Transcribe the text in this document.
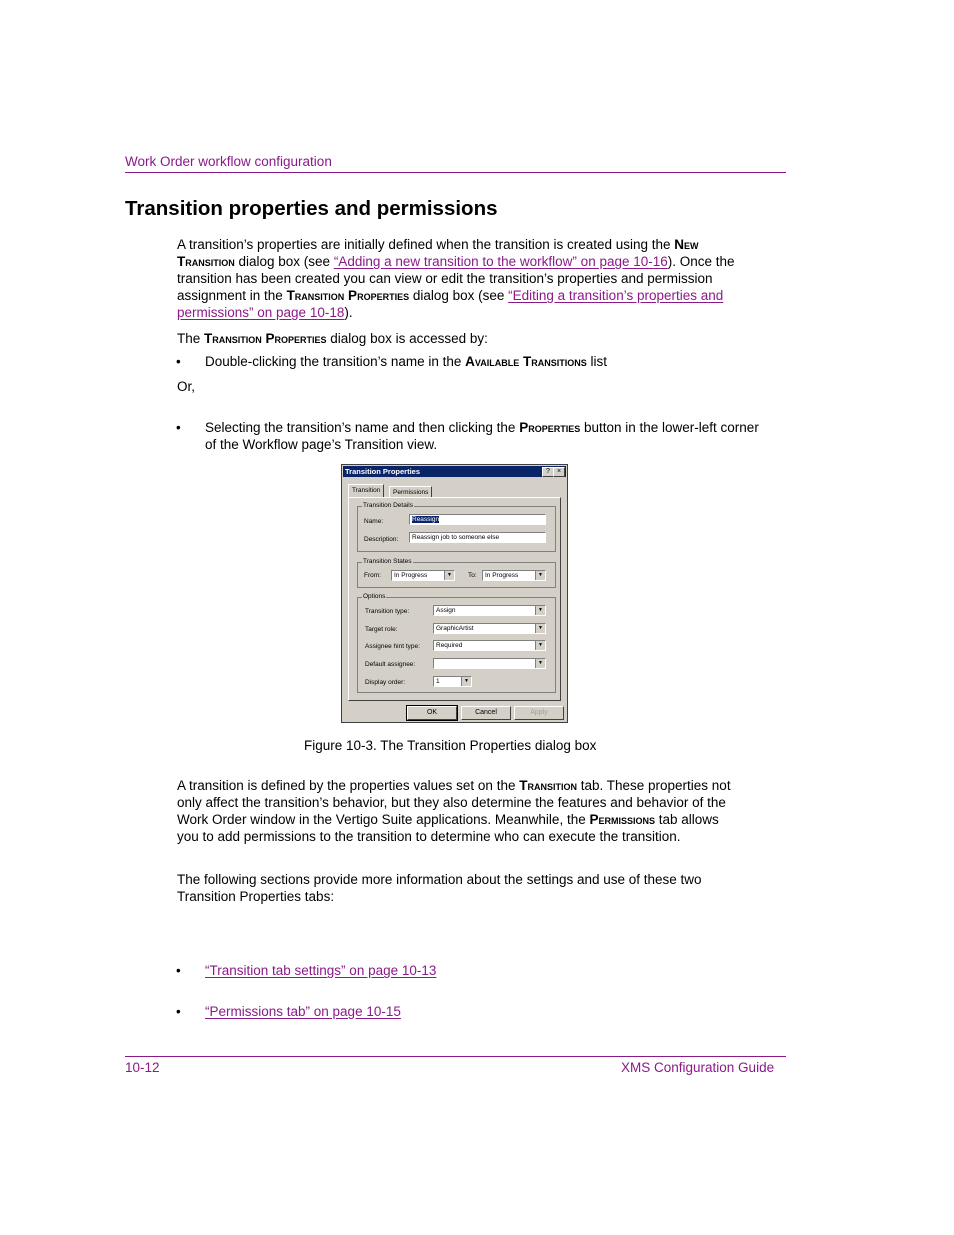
Work Order workflow configuration
Transition properties and permissions
A transition’s properties are initially defined when the transition is created using the New Transition dialog box (see “Adding a new transition to the workflow” on page 10-16). Once the transition has been created you can view or edit the transition’s properties and permission assignment in the Transition Properties dialog box (see “Editing a transition’s properties and permissions” on page 10-18).
The Transition Properties dialog box is accessed by:
• Double-clicking the transition’s name in the Available Transitions list
Or,
• Selecting the transition’s name and then clicking the Properties button in the lower-left corner of the Workflow page’s Transition view.
Transition Properties	?	×
Transition	Permissions
Transition Details
Name:	Reassign
Description:	Reassign job to someone else
Transition States
From:	In Progress	▼	To:	In Progress	▼
Options
Transition type:	Assign	▼
Target role:	GraphicArtist	▼
Assignee hint type:	Required	▼
Default assignee:	▼
Display order:	1	▼
OK	Cancel	Apply
Figure 10-3. The Transition Properties dialog box
A transition is defined by the properties values set on the Transition tab. These properties not only affect the transition’s behavior, but they also determine the features and behavior of the Work Order window in the Vertigo Suite applications. Meanwhile, the Permissions tab allows you to add permissions to the transition to determine who can execute the transition.
The following sections provide more information about the settings and use of these two Transition Properties tabs:
• “Transition tab settings” on page 10-13
• “Permissions tab” on page 10-15
10-12	XMS Configuration Guide
